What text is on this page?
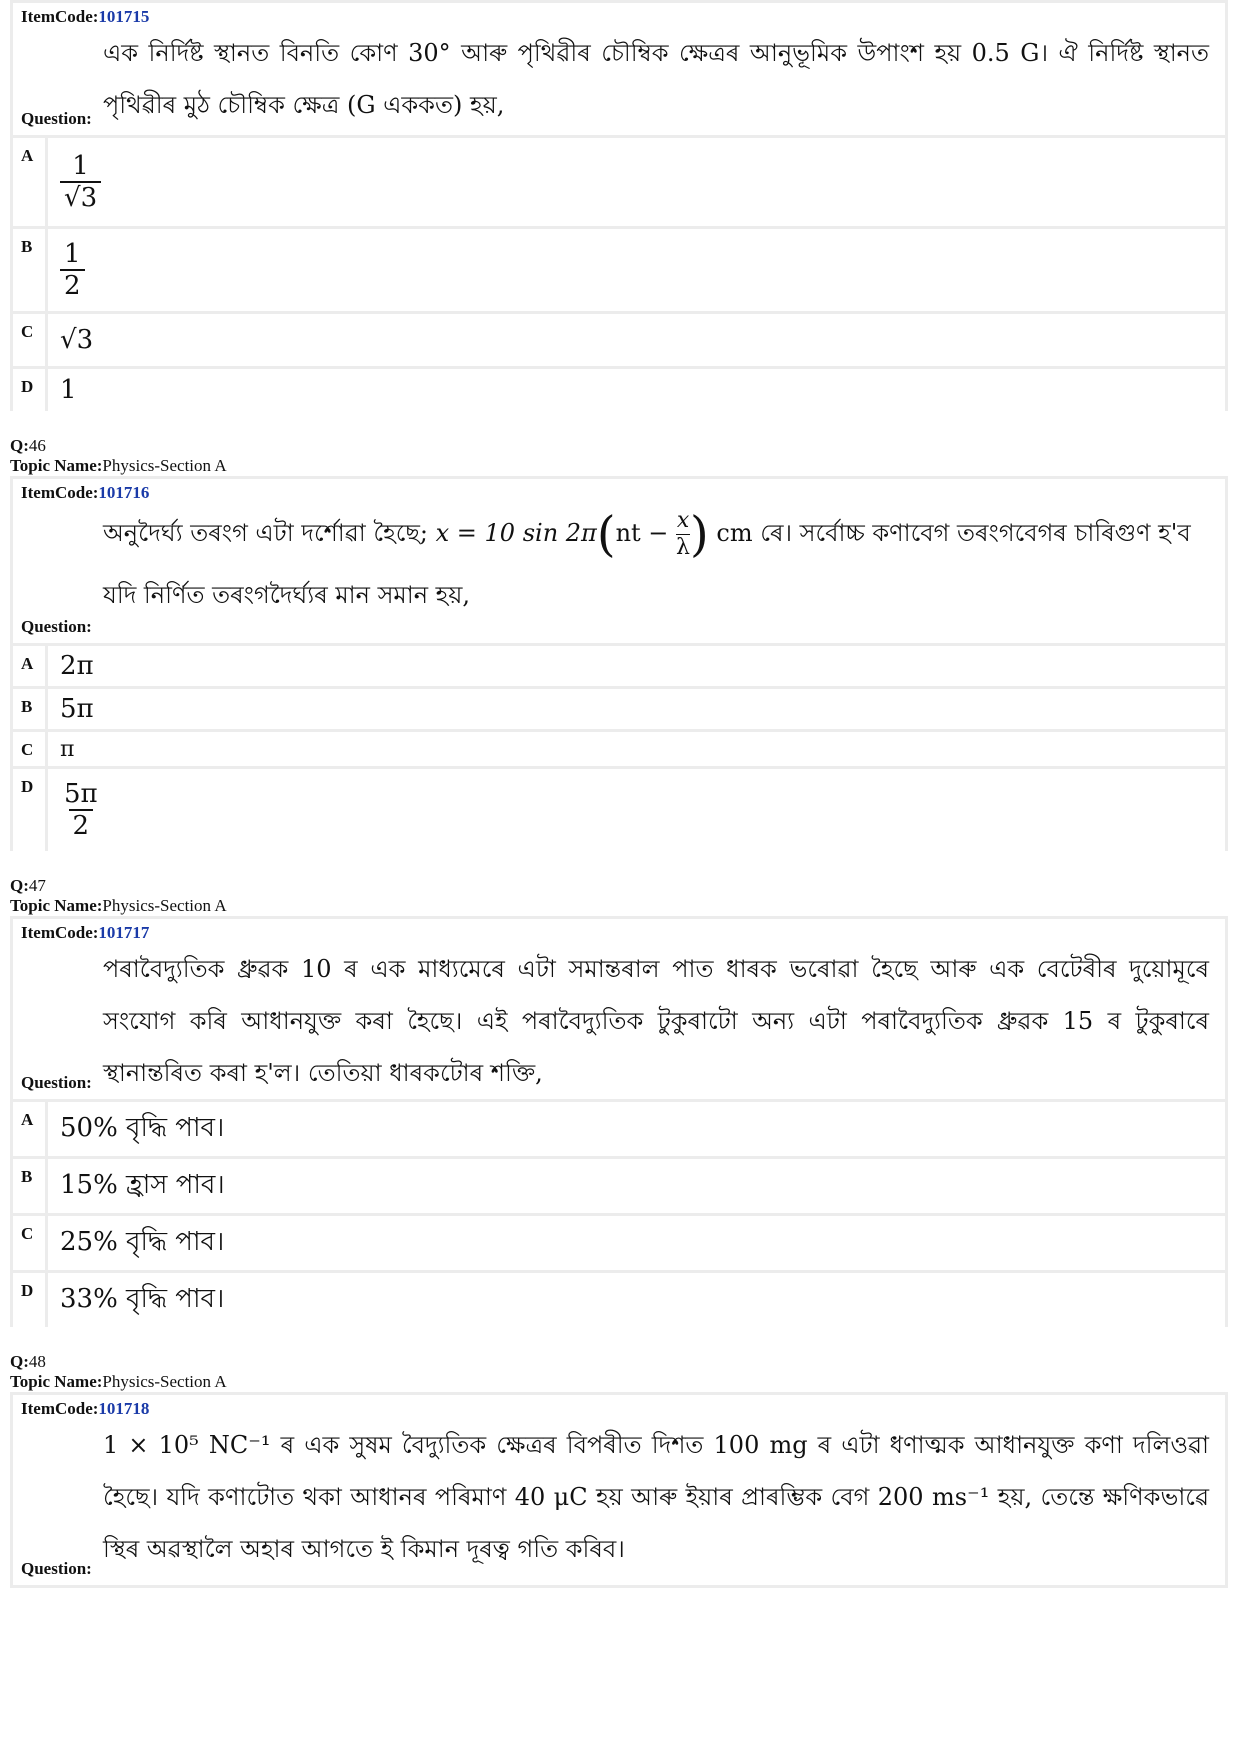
ItemCode:101715
এক নিৰ্দিষ্ট স্থানত বিনতি কোণ 30° আৰু পৃথিৱীৰ চৌম্বিক ক্ষেত্ৰৰ আনুভূমিক উপাংশ হয় 0.5 G। ঐ নিৰ্দিষ্ট স্থানত পৃথিৱীৰ মুঠ চৌম্বিক ক্ষেত্ৰ (G এককত) হয়,
Question:
A	$\frac{1}{√3}$
B	$\frac{1}{2}$
C	√3
D	1
Q:46
Topic Name:Physics-Section A
ItemCode:101716
অনুদৈৰ্ঘ্য তৰংগ এটা দৰ্শোৱা হৈছে; x = 10 $\sin 2\pi(nt - \frac{x}{\lambda}$ ) cm ৰে। সৰ্বোচ্চ কণাবেগ তৰংগবেগৰ চাৰিগুণ হ'ব
যদি নিৰ্ণিত তৰংগদৈৰ্ঘ্যৰ মান সমান হয়,
Question:
A	2π
B	5π
C	π
D	$\frac{5\pi}{2}$
Q:47
Topic Name:Physics-Section A
ItemCode:101717
পৰাবৈদ্যুতিক ধ্ৰুৱক 10 ৰ এক মাধ্যমেৰে এটা সমান্তৰাল পাত ধাৰক ভৰোৱা হৈছে আৰু এক বেটেৰীৰ দুয়োমূৰে সংযোগ কৰি আধানযুক্ত কৰা হৈছে। এই পৰাবৈদ্যুতিক টুকুৰাটো অন্য এটা পৰাবৈদ্যুতিক ধ্ৰুৱক 15 ৰ টুকুৰাৰে স্থানান্তৰিত কৰা হ'ল। তেতিয়া ধাৰকটোৰ শক্তি,
Question:
A	50% বৃদ্ধি পাব।
B	15% হ্ৰাস পাব।
C	25% বৃদ্ধি পাব।
D	33% বৃদ্ধি পাব।
Q:48
Topic Name:Physics-Section A
ItemCode:101718
1 × 10⁵ NC⁻¹ ৰ এক সুষম বৈদ্যুতিক ক্ষেত্ৰৰ বিপৰীত দিশত 100 mg ৰ এটা ধণাত্মক আধানযুক্ত কণা দলিওৱা হৈছে। যদি কণাটোত থকা আধানৰ পৰিমাণ 40 μC হয় আৰু ইয়াৰ প্ৰাৰম্ভিক বেগ 200 ms⁻¹ হয়, তেন্তে ক্ষণিকভাৱে স্থিৰ অৱস্থালৈ অহাৰ আগতে ই কিমান দূৰত্ব গতি কৰিব।
Question:
